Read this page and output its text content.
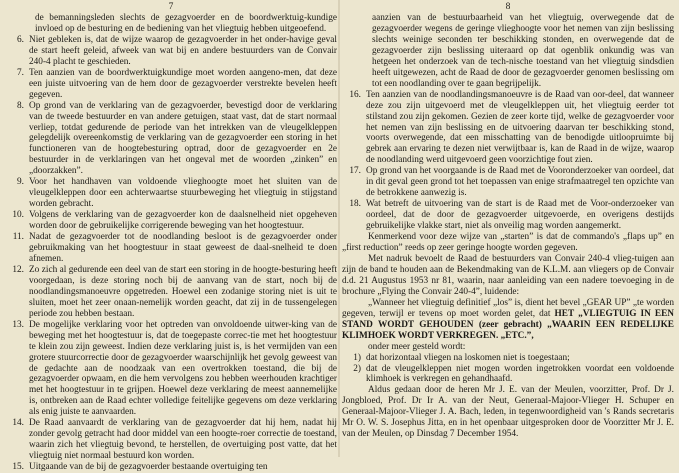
7
de bemanningsleden slechts de gezagvoerder en de boordwerktuig-kundige invloed op de besturing en de bediening van het vliegtuig hebben uitgeoefend.
6. Niet gebleken is, dat de wijze waarop de gezagvoerder in het onder-havige geval de start heeft geleid, afweek van wat bij en andere bestuurders van de Convair 240-4 placht te geschieden.
7. Ten aanzien van de boordwerktuigkundige moet worden aangeno-men, dat deze een juiste uitvoering van de hem door de gezagvoerder verstrekte bevelen heeft gegeven.
8. Op grond van de verklaring van de gezagvoerder, bevestigd door de verklaring van de tweede bestuurder en van andere getuigen, staat vast, dat de start normaal verliep, totdat gedurende de periode van het intrekken van de vleugelkleppen gelegdelijk overeenkomstig de verklaring van de gezagvoerder een storing in het functioneren van de hoogtebesturing optrad, door de gezagvoerder en 2e bestuurder in de verklaringen van het ongeval met de woorden „zinken” en „doorzakken”.
9. Voor het handhaven van voldoende vlieghoogte moet het sluiten van de vleugelkleppen door een achterwaartse stuurbeweging het vliegtuig in stijgstand worden gebracht.
10. Volgens de verklaring van de gezagvoerder kon de daalsnelheid niet opgeheven worden door de gebruikelijke corrigerende beweging van het hoogtestuur.
11. Nadat de gezagvoerder tot de noodlanding besloot is de gezagvoerder onder gebruikmaking van het hoogtestuur in staat geweest de daal-snelheid te doen afnemen.
12. Zo zich al gedurende een deel van de start een storing in de hoogte-besturing heeft voorgedaan, is deze storing noch bij de aanvang van de start, noch bij de noodlandingsmanoeuvre opgetreden. Hoewel een zodanige storing niet is uit te sluiten, moet het zeer onaan-nemelijk worden geacht, dat zij in de tussengelegen periode zou hebben bestaan.
13. De mogelijke verklaring voor het optreden van onvoldoende uitwer-king van de beweging met het hoogtestuur is, dat de toegepaste correc-tie met het hoogtestuur te klein zou zijn geweest. Indien deze verklaring juist is, is het vermijden van een grotere stuurcorrectie door de gezagvoerder waarschijnlijk het gevolg geweest van de gedachte aan de noodzaak van een overtrokken toestand, die bij de gezagvoerder opwaam, en die hem vervolgens zou hebben weerhouden krachtiger met het hoogtestuur in te grijpen. Hoewel deze verklaring de meest aannemelijke is, ontbreken aan de Raad echter volledige feitelijke gegevens om deze verklaring als enig juiste te aanvaarden.
14. De Raad aanvaardt de verklaring van de gezagvoerder dat hij hem, nadat hij zonder gevolg getracht had door middel van een hoogte-roer correctie de toestand, waarin zich het vliegtuig bevond, te herstellen, de overtuiging post vatte, dat het vliegtuig niet normaal bestuurd kon worden.
15. Uitgaande van de bij de gezagvoerder bestaande overtuiging ten
8
aanzien van de bestuurbaarheid van het vliegtuig, overwegende dat de gezagvoerder wegens de geringe vlieghoogte voor het nemen van zijn beslissing slechts weinige seconden ter beschikking stonden, en overwegende dat de gezagvoerder zijn beslissing uiteraard op dat ogenblik onkundig was van hetgeen het onderzoek van de tech-nische toestand van het vliegtuig sindsdien heeft uitgewezen, acht de Raad de door de gezagvoerder genomen beslissing om tot een noodlanding over te gaan begrijpelijk.
16. Ten aanzien van de noodlandingsmanoeuvre is de Raad van oor-deel, dat wanneer deze zou zijn uitgevoerd met de vleugelkleppen uit, het vliegtuig eerder tot stilstand zou zijn gekomen. Gezien de zeer korte tijd, welke de gezagvoerder voor het nemen van zijn beslissing en de uitvoering daarvan ter beschikking stond, voorts overwegende, dat een misschatting van de benodigde uitloopruimte bij gebrek aan ervaring te dezen niet verwijtbaar is, kan de Raad in de wijze, waarop de noodlanding werd uitgevoerd geen voorzichtige fout zien.
17. Op grond van het voorgaande is de Raad met de Vooronderzoeker van oordeel, dat in dit geval geen grond tot het toepassen van enige strafmaatregel ten opzichte van de betrokkene aanwezig is.
18. Wat betreft de uitvoering van de start is de Raad met de Voor-onderzoeker van oordeel, dat de door de gezagvoerder uitgevoerde, en overigens destijds gebruikelijke vlakke start, niet als onveilig mag worden aangemerkt.
Kenmerkend voor deze wijze van „starten” is dat de commando's „flaps up” en „first reduction” reeds op zeer geringe hoogte worden gegeven.
Met nadruk bevoelt de Raad de bestuurders van Convair 240-4 vlieg-tuigen aan zijn de band te houden aan de Bekendmaking van de K.L.M. aan vliegers op de Convair d.d. 21 Augustus 1953 nr 81, waarin, naar aanleiding van een nadere toevoeging in de brochure „Flying the Convair 240-4”, luidende:
„Wanneer het vliegtuig definitief „los” is, dient het bevel „GEAR UP” „te worden gegeven, terwijl er tevens op moet worden gelet, dat HET „VLIEGTUIG IN EEN STAND WORDT GEHOUDEN (zeer gebracht) „WAARIN EEN REDELIJKE KLIMHOEK WORDT VERKREGEN. „ETC.”,
onder meer gesteld wordt:
1) dat horizontaal vliegen na loskomen niet is toegestaan;
2) dat de vleugelkleppen niet mogen worden ingetrokken voordat een voldoende klimhoek is verkregen en gehandhaafd.
Aldus gedaan door de heren Mr J. E. van der Meulen, voorzitter, Prof. Dr J. Jongbloed, Prof. Dr Ir A. van der Neut, Generaal-Majoor-Vlieger H. Schuper en Generaal-Majoor-Vlieger J. A. Bach, leden, in tegenwoordigheid van 's Rands secretaris Mr O. W. S. Josephus Jitta, en in het openbaar uitgesproken door de Voorzitter Mr J. E. van der Meulen, op Dinsdag 7 December 1954.
